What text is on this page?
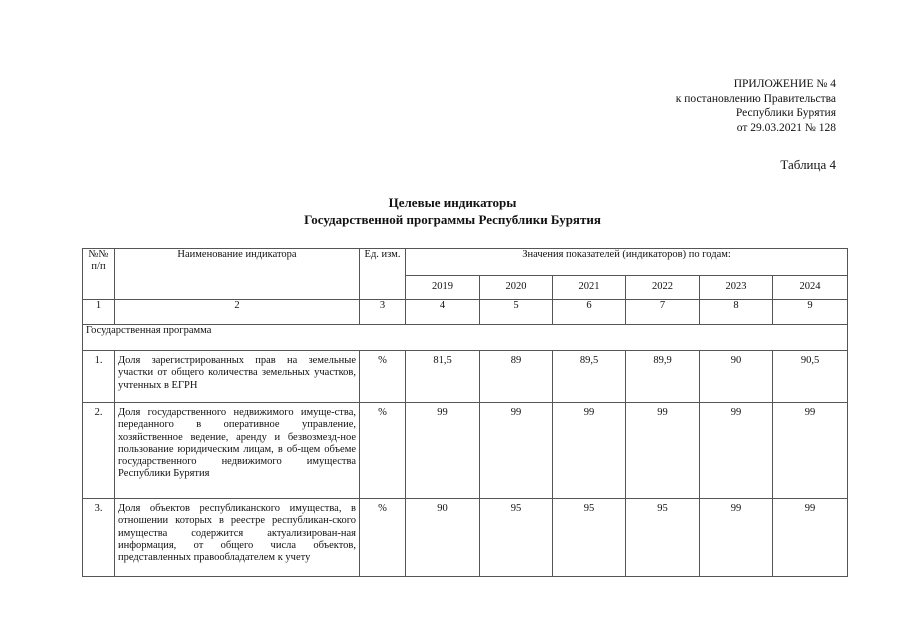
ПРИЛОЖЕНИЕ № 4
к постановлению Правительства
Республики Бурятия
от 29.03.2021 № 128
Таблица 4
Целевые индикаторы
Государственной программы Республики Бурятия
№№ п/п	Наименование индикатора	Ед. изм.	Значения показателей (индикаторов) по годам:					
			2019	2020	2021	2022	2023	2024
1	2	3	4	5	6	7	8	9
Государственная программа								
1.	Доля зарегистрированных прав на земельные участки от общего количества земельных участков, учтенных в ЕГРН	%	81,5	89	89,5	89,9	90	90,5
2.	Доля государственного недвижимого имуще-ства, переданного в оперативное управление, хозяйственное ведение, аренду и безвозмезд-ное пользование юридическим лицам, в об-щем объеме государственного недвижимого имущества Республики Бурятия	%	99	99	99	99	99	99
3.	Доля объектов республиканского имущества, в отношении которых в реестре республикан-ского имущества содержится актуализирован-ная информация, от общего числа объектов, представленных правообладателем к учету	%	90	95	95	95	99	99
